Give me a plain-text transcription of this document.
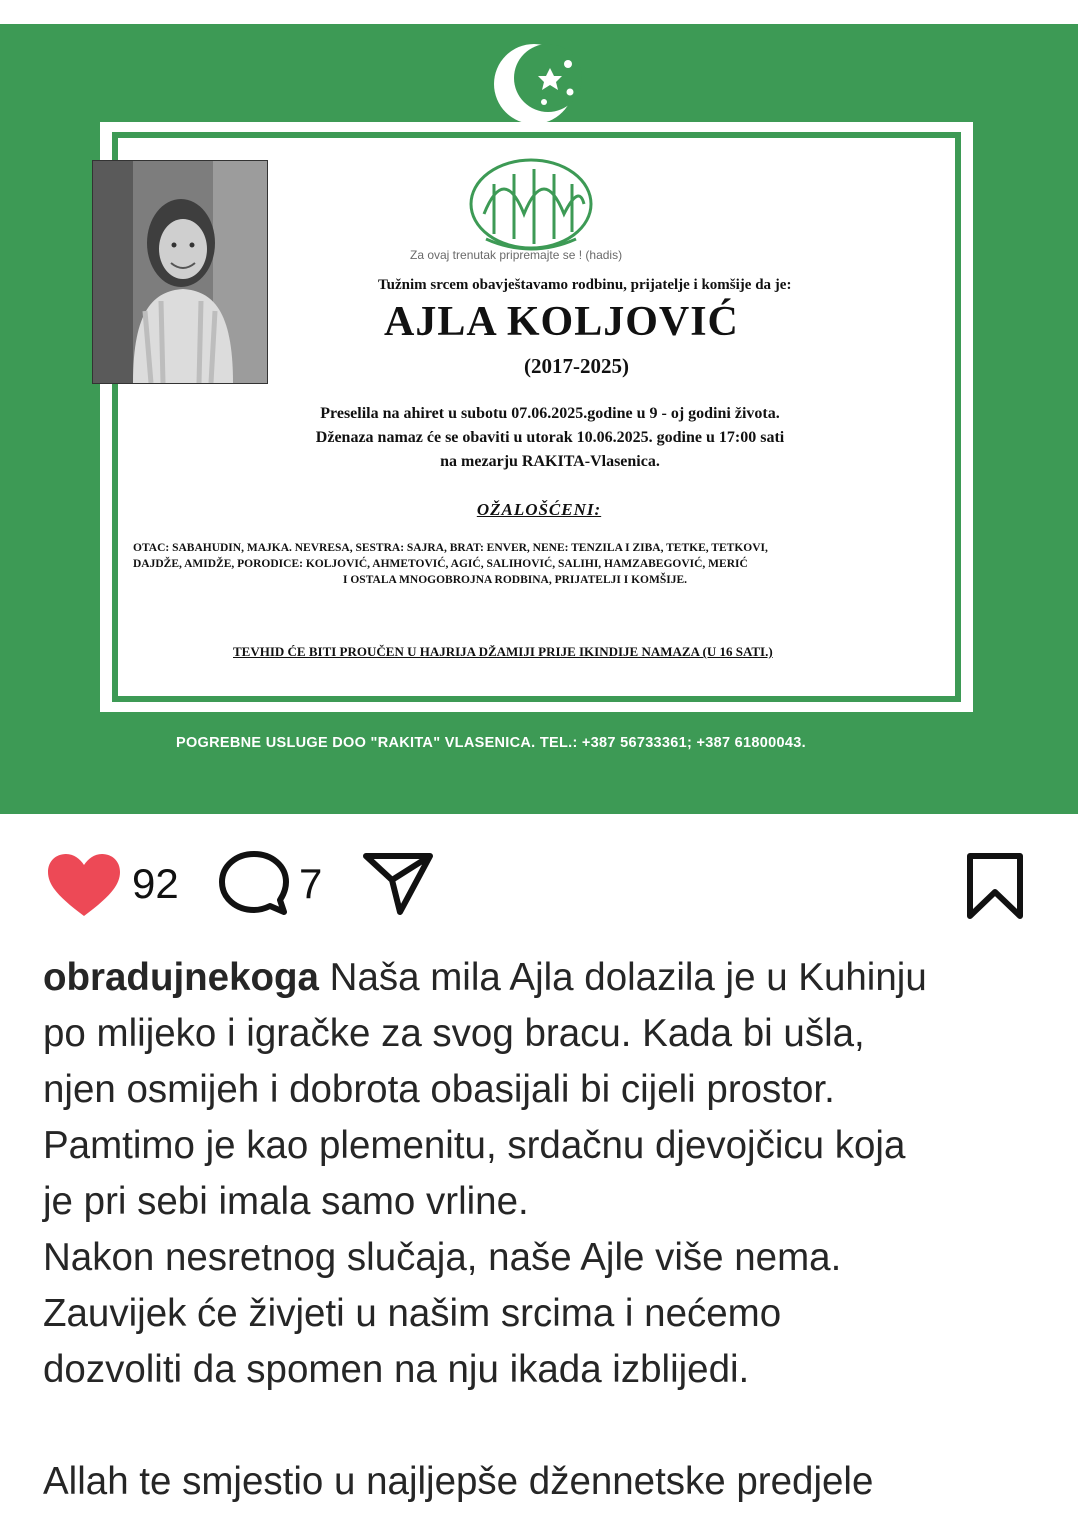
Za ovaj trenutak pripremajte se ! (hadis)
Tužnim srcem obavještavamo rodbinu, prijatelje i komšije da je:
AJLA KOLJOVIĆ
(2017-2025)
Preselila na ahiret u subotu 07.06.2025.godine u 9 - oj godini života.
Dženaza namaz će se obaviti u utorak 10.06.2025. godine u 17:00 sati
na mezarju RAKITA-Vlasenica.
OŽALOŠĆENI:
OTAC: SABAHUDIN, MAJKA. NEVRESA, SESTRA: SAJRA, BRAT: ENVER, NENE: TENZILA I ZIBA, TETKE, TETKOVI,
DAJDŽE, AMIDŽE, PORODICE: KOLJOVIĆ, AHMETOVIĆ, AGIĆ, SALIHOVIĆ, SALIHI, HAMZABEGOVIĆ, MERIĆ
I OSTALA MNOGOBROJNA RODBINA, PRIJATELJI I KOMŠIJE.
TEVHID ĆE BITI PROUČEN U HAJRIJA DŽAMIJI PRIJE IKINDIJE NAMAZA (U 16 SATI.)
POGREBNE USLUGE DOO "RAKITA" VLASENICA. TEL.: +387 56733361; +387 61800043.
92	7

obradujnekoga Naša mila Ajla dolazila je u Kuhinju

po mlijeko i igračke za svog bracu. Kada bi ušla,

njen osmijeh i dobrota obasijali bi cijeli prostor.

Pamtimo je kao plemenitu, srdačnu djevojčicu koja

je pri sebi imala samo vrline.

Nakon nesretnog slučaja, naše Ajle više nema.

Zauvijek će živjeti u našim srcima i nećemo

dozvoliti da spomen na nju ikada izblijedi.

Allah te smjestio u najljepše džennetske predjele
